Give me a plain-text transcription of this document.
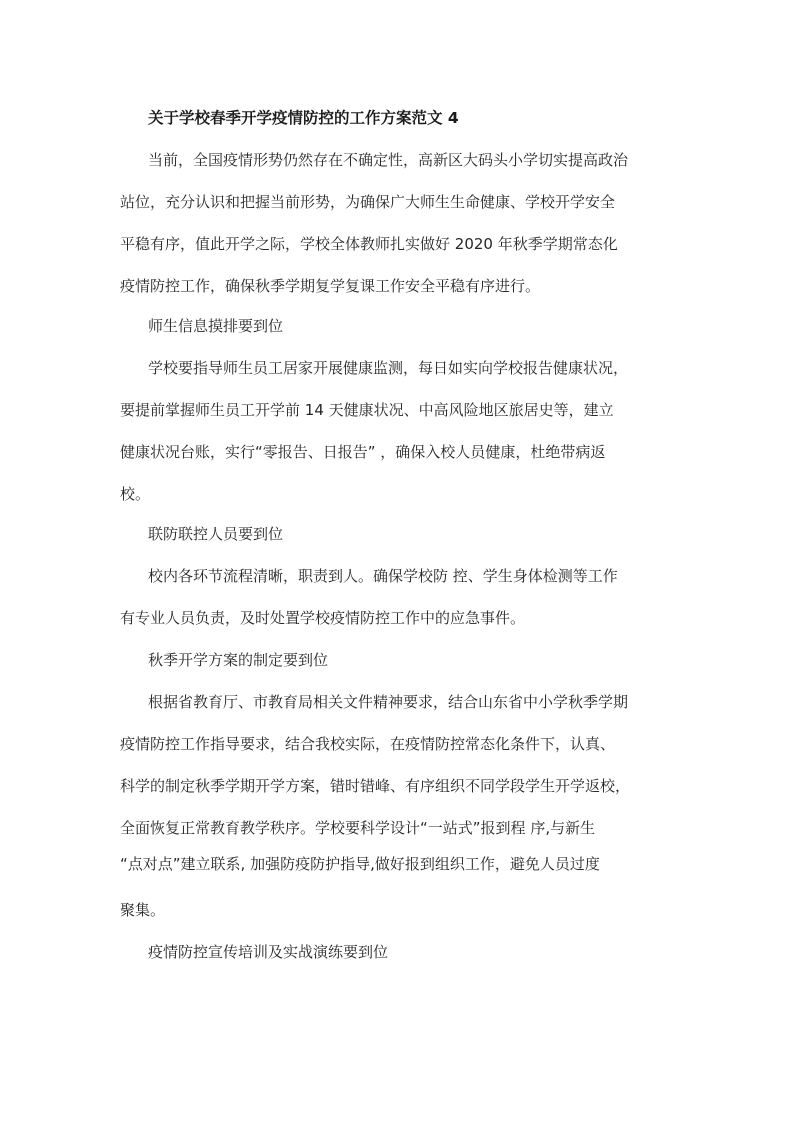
关于学校春季开学疫情防控的工作方案范文 4
当前，全国疫情形势仍然存在不确定性，高新区大码头小学切实提高政治
站位，充分认识和把握当前形势，为确保广大师生生命健康、学校开学安全
平稳有序，值此开学之际，学校全体教师扎实做好 2020 年秋季学期常态化
疫情防控工作，确保秋季学期复学复课工作安全平稳有序进行。
师生信息摸排要到位
学校要指导师生员工居家开展健康监测，每日如实向学校报告健康状况，
要提前掌握师生员工开学前 14 天健康状况、中高风险地区旅居史等，建立
健康状况台账，实行“零报告、日报告” ，确保入校人员健康，杜绝带病返
校。
联防联控人员要到位
校内各环节流程清晰，职责到人。确保学校防 控、学生身体检测等工作
有专业人员负责，及时处置学校疫情防控工作中的应急事件。
秋季开学方案的制定要到位
根据省教育厅、市教育局相关文件精神要求，结合山东省中小学秋季学期
疫情防控工作指导要求，结合我校实际，在疫情防控常态化条件下，认真、
科学的制定秋季学期开学方案，错时错峰、有序组织不同学段学生开学返校，
全面恢复正常教育教学秩序。学校要科学设计“一站式”报到程 序,与新生
“点对点”建立联系, 加强防疫防护指导,做好报到组织工作，避免人员过度
聚集。
疫情防控宣传培训及实战演练要到位
